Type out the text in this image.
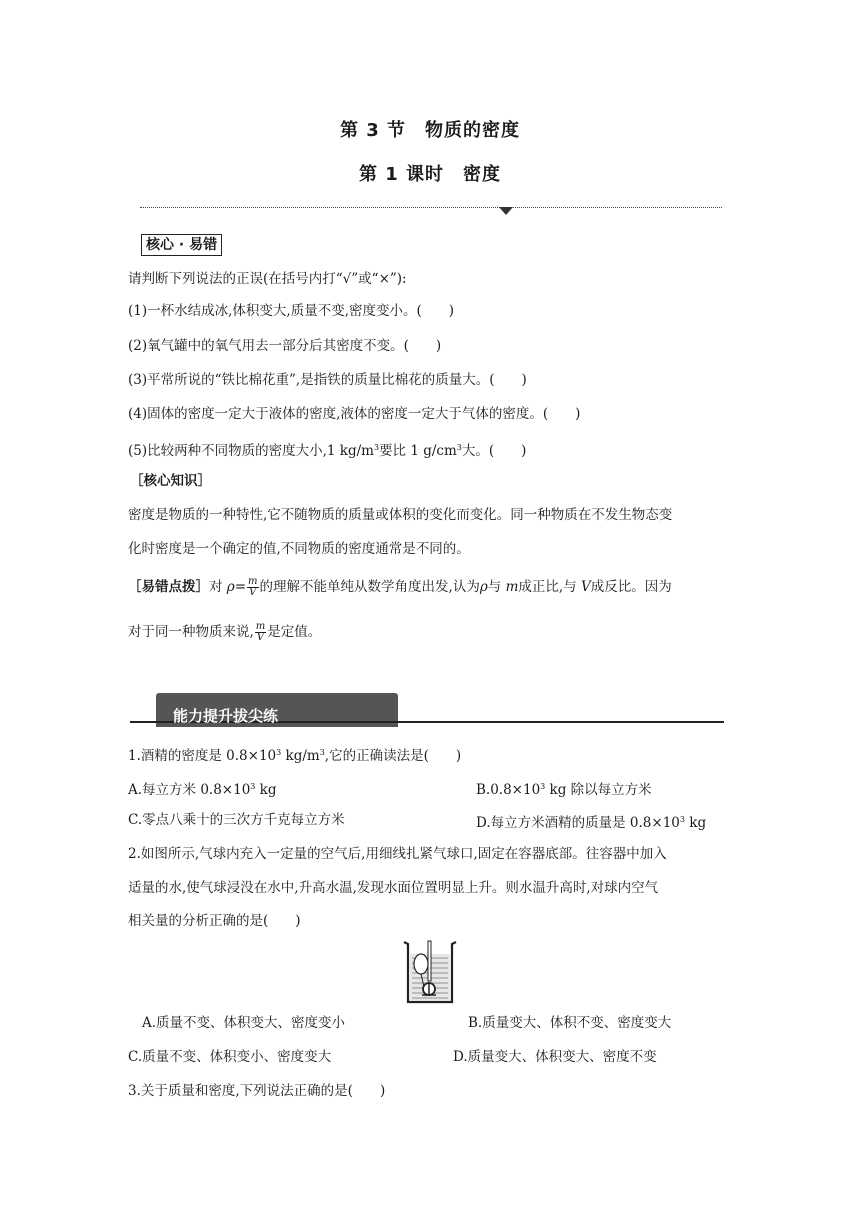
第 3 节　物质的密度
第 1 课时　密度
核心 · 易错
请判断下列说法的正误(在括号内打“√”或“×”):
(1)一杯水结成冰,体积变大,质量不变,密度变小。(　　)
(2)氧气罐中的氧气用去一部分后其密度不变。(　　)
(3)平常所说的“铁比棉花重”,是指铁的质量比棉花的质量大。(　　)
(4)固体的密度一定大于液体的密度,液体的密度一定大于气体的密度。(　　)
(5)比较两种不同物质的密度大小,1 $kg/m^3$要比 1 $g/cm^3$大。(　　)
［核心知识］
密度是物质的一种特性,它不随物质的质量或体积的变化而变化。同一种物质在不发生物态变
化时密度是一个确定的值,不同物质的密度通常是不同的。
［易错点拨］对 $\rho= \frac{m}{V}$ 的理解不能单纯从数学角度出发,认为ρ与 m成正比,与 V成反比。因为
对于同一种物质来说, $\frac{m}{V}$ 是定值。
能力提升拔尖练
1.酒精的密度是 $0.8\times 10^3$ $kg/m^3$,它的正确读法是(　　)
A.每立方米 $0.8\times 10^3$ kg	$B.0.8\times 10^3$ kg 除以每立方米
C.零点八乘十的三次方千克每立方米	D.每立方米酒精的质量是 $0.8\times 10^3$ kg
2.如图所示,气球内充入一定量的空气后,用细线扎紧气球口,固定在容器底部。往容器中加入
适量的水,使气球浸没在水中,升高水温,发现水面位置明显上升。则水温升高时,对球内空气
相关量的分析正确的是(　　)
A.质量不变、体积变大、密度变小	B.质量变大、体积不变、密度变大
C.质量不变、体积变小、密度变大	D.质量变大、体积变大、密度不变
3.关于质量和密度,下列说法正确的是(　　)
